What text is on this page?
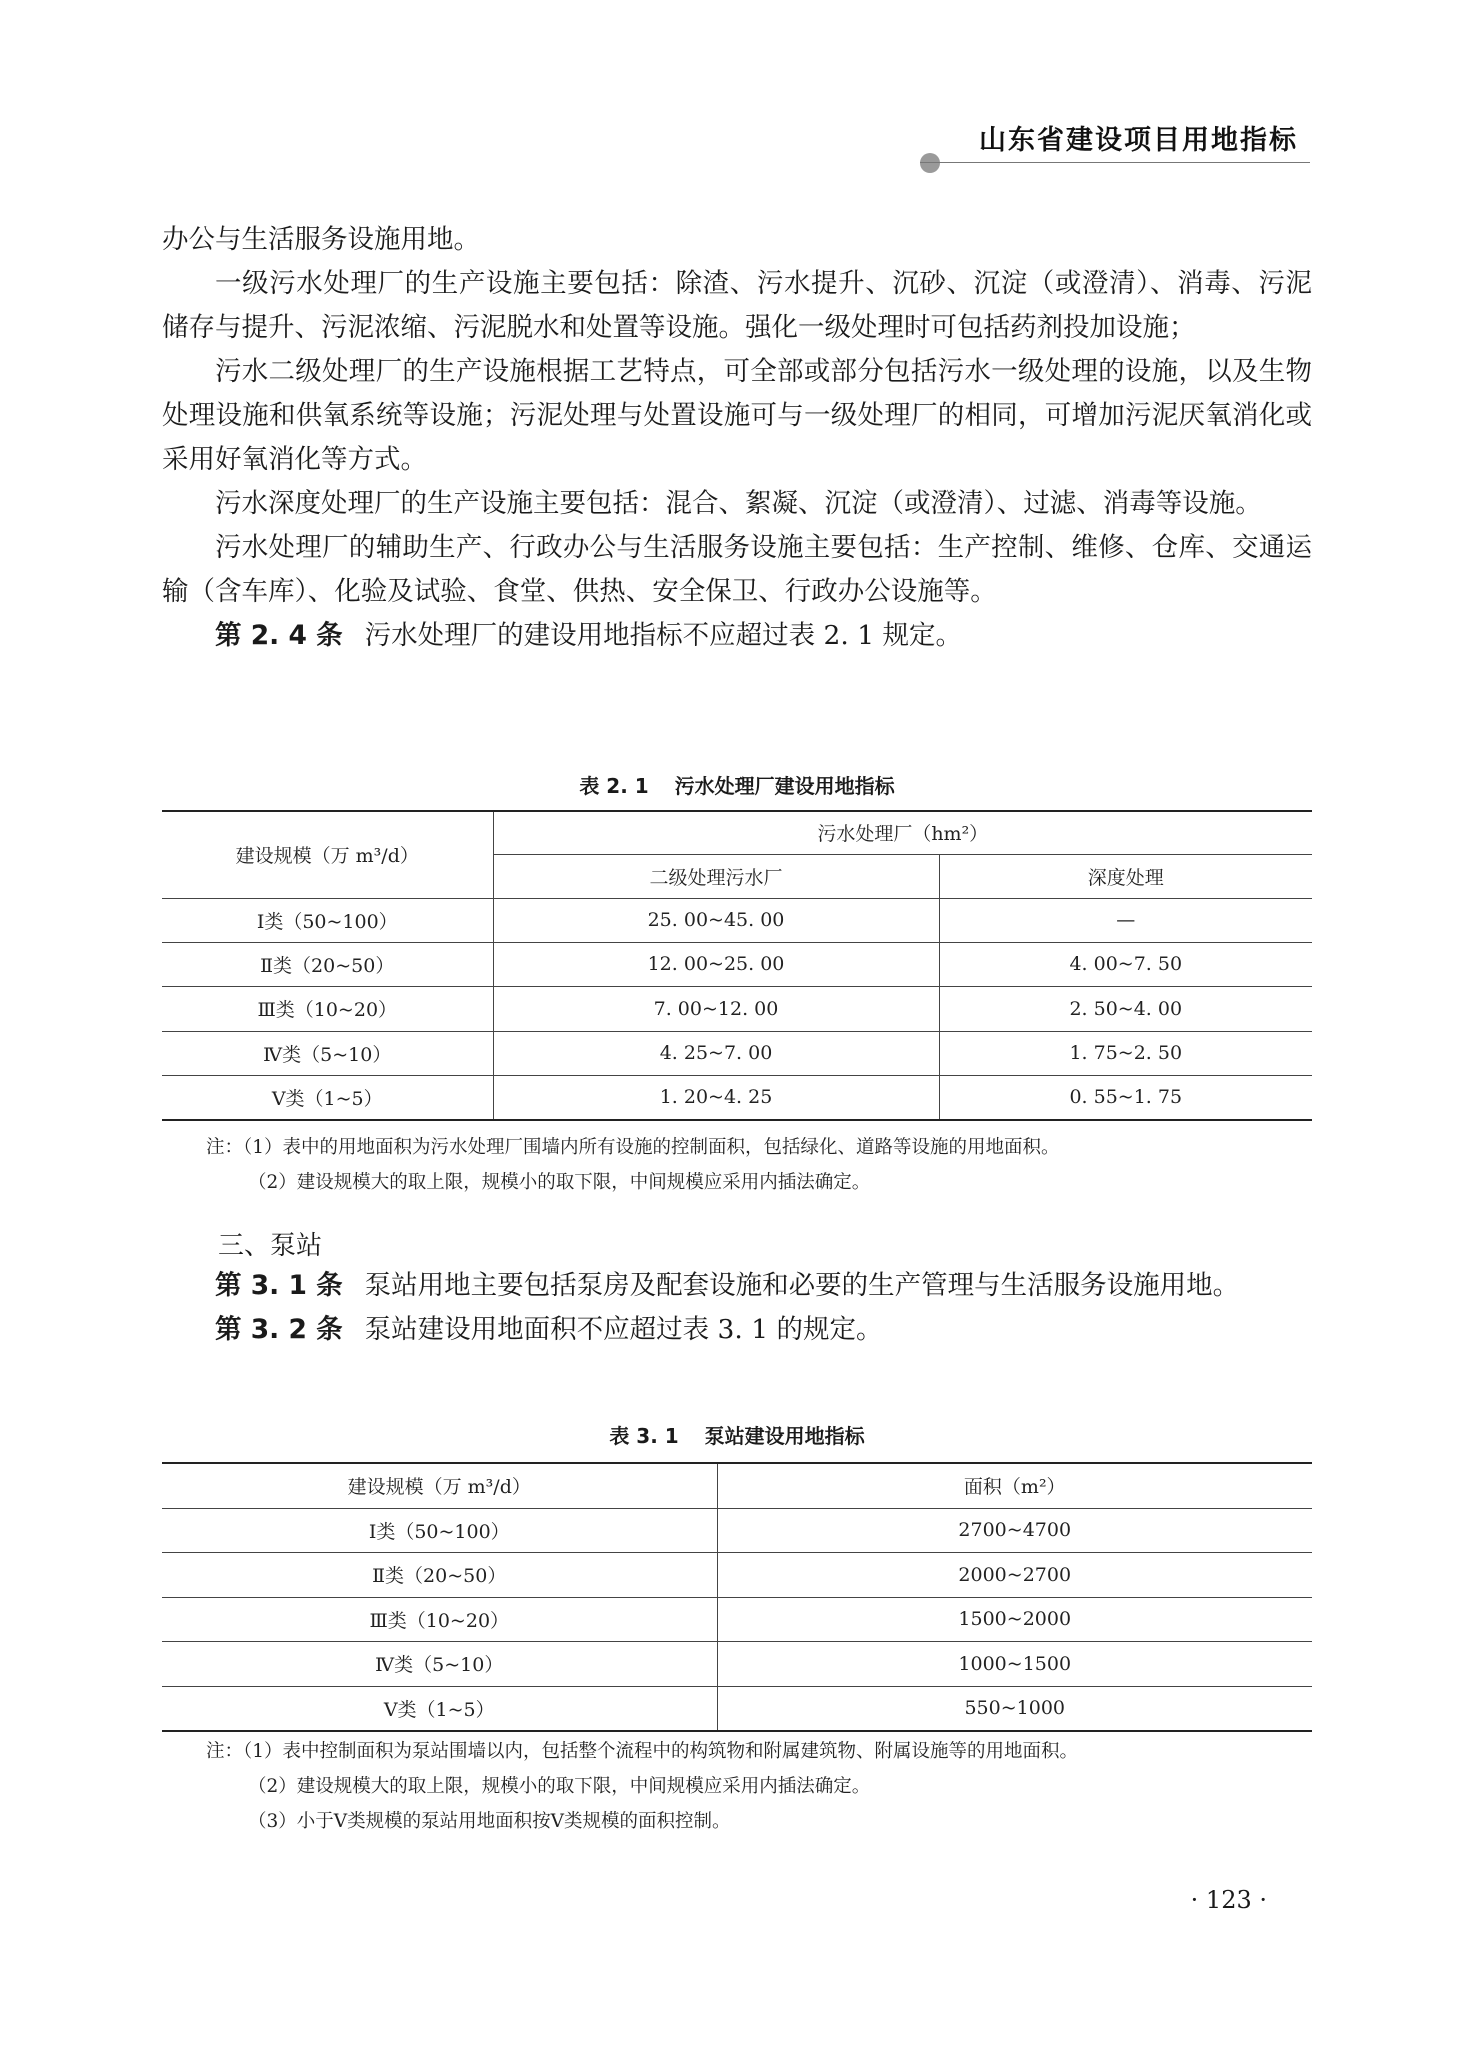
山东省建设项目用地指标

办公与生活服务设施用地。

一级污水处理厂的生产设施主要包括：除渣、污水提升、沉砂、沉淀（或澄清）、消毒、污泥储存与提升、污泥浓缩、污泥脱水和处置等设施。强化一级处理时可包括药剂投加设施；

污水二级处理厂的生产设施根据工艺特点，可全部或部分包括污水一级处理的设施，以及生物处理设施和供氧系统等设施；污泥处理与处置设施可与一级处理厂的相同，可增加污泥厌氧消化或采用好氧消化等方式。

污水深度处理厂的生产设施主要包括：混合、絮凝、沉淀（或澄清）、过滤、消毒等设施。

污水处理厂的辅助生产、行政办公与生活服务设施主要包括：生产控制、维修、仓库、交通运输（含车库）、化验及试验、食堂、供热、安全保卫、行政办公设施等。

第 2. 4 条 污水处理厂的建设用地指标不应超过表 2. 1 规定。

表 2. 1 污水处理厂建设用地指标
建设规模（万 m³/d）	污水处理厂（hm²）	
	二级处理污水厂	深度处理
Ⅰ类（50~100）	25. 00~45. 00	—
Ⅱ类（20~50）	12. 00~25. 00	4. 00~7. 50
Ⅲ类（10~20）	7. 00~12. 00	2. 50~4. 00
Ⅳ类（5~10）	4. 25~7. 00	1. 75~2. 50
Ⅴ类（1~5）	1. 20~4. 25	0. 55~1. 75
注：（1）表中的用地面积为污水处理厂围墙内所有设施的控制面积，包括绿化、道路等设施的用地面积。
（2）建设规模大的取上限，规模小的取下限，中间规模应采用内插法确定。
三、泵站

第 3. 1 条 泵站用地主要包括泵房及配套设施和必要的生产管理与生活服务设施用地。

第 3. 2 条 泵站建设用地面积不应超过表 3. 1 的规定。

表 3. 1 泵站建设用地指标
建设规模（万 m³/d）	面积（m²）
Ⅰ类（50~100）	2700~4700
Ⅱ类（20~50）	2000~2700
Ⅲ类（10~20）	1500~2000
Ⅳ类（5~10）	1000~1500
Ⅴ类（1~5）	550~1000
注：（1）表中控制面积为泵站围墙以内，包括整个流程中的构筑物和附属建筑物、附属设施等的用地面积。
（2）建设规模大的取上限，规模小的取下限，中间规模应采用内插法确定。
（3）小于Ⅴ类规模的泵站用地面积按Ⅴ类规模的面积控制。
· 123 ·
